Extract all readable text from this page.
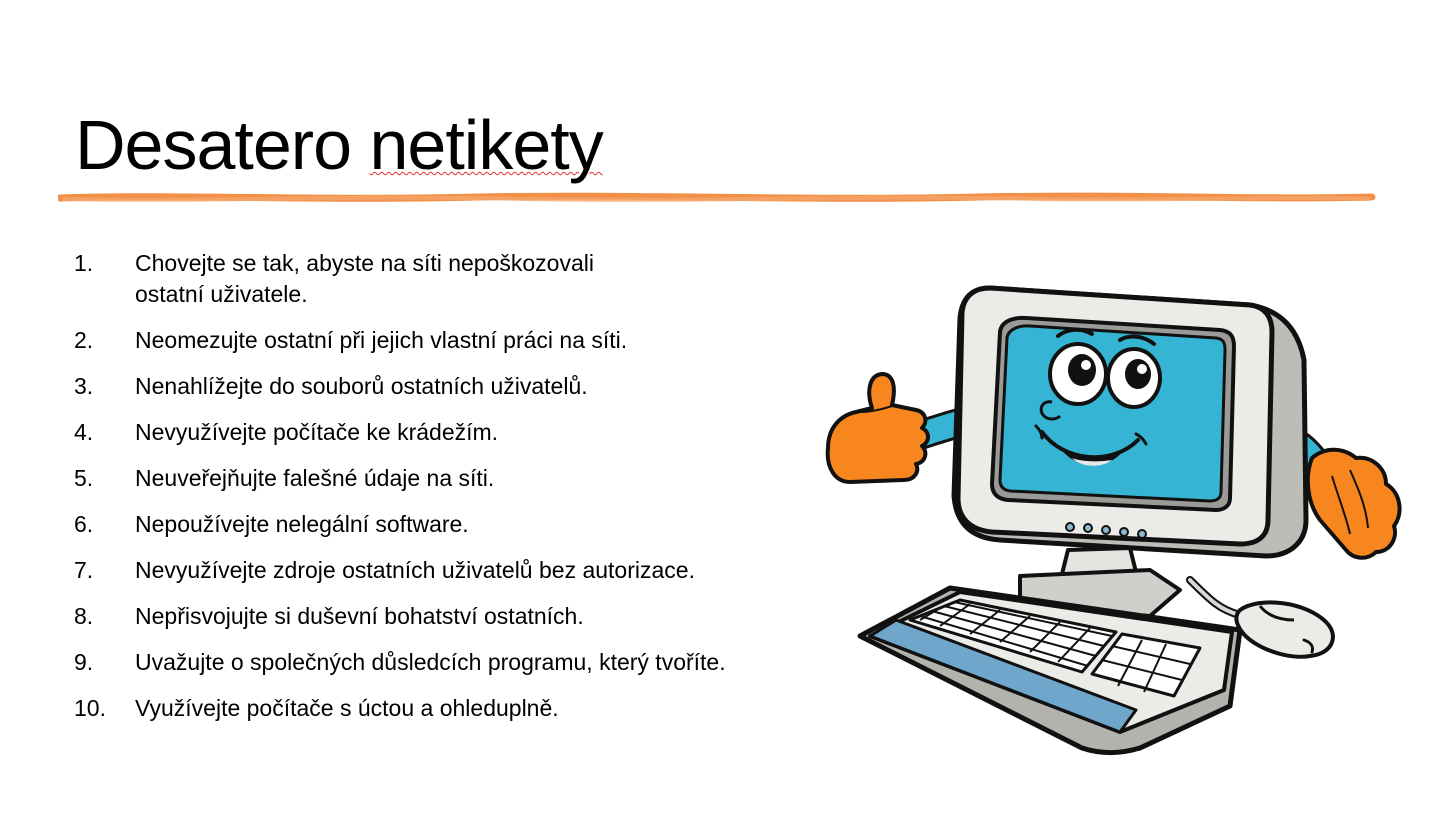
Desatero netikety
1.	Chovejte se tak, abyste na síti nepoškozovali ostatní uživatele.
2.	Neomezujte ostatní při jejich vlastní práci na síti.
3.	Nenahlížejte do souborů ostatních uživatelů.
4.	Nevyužívejte počítače ke krádežím.
5.	Neuveřejňujte falešné údaje na síti.
6.	Nepoužívejte nelegální software.
7.	Nevyužívejte zdroje ostatních uživatelů bez autorizace.
8.	Nepřisvojujte si duševní bohatství ostatních.
9.	Uvažujte o společných důsledcích programu, který tvoříte.
10.	Využívejte počítače s úctou a ohleduplně.
